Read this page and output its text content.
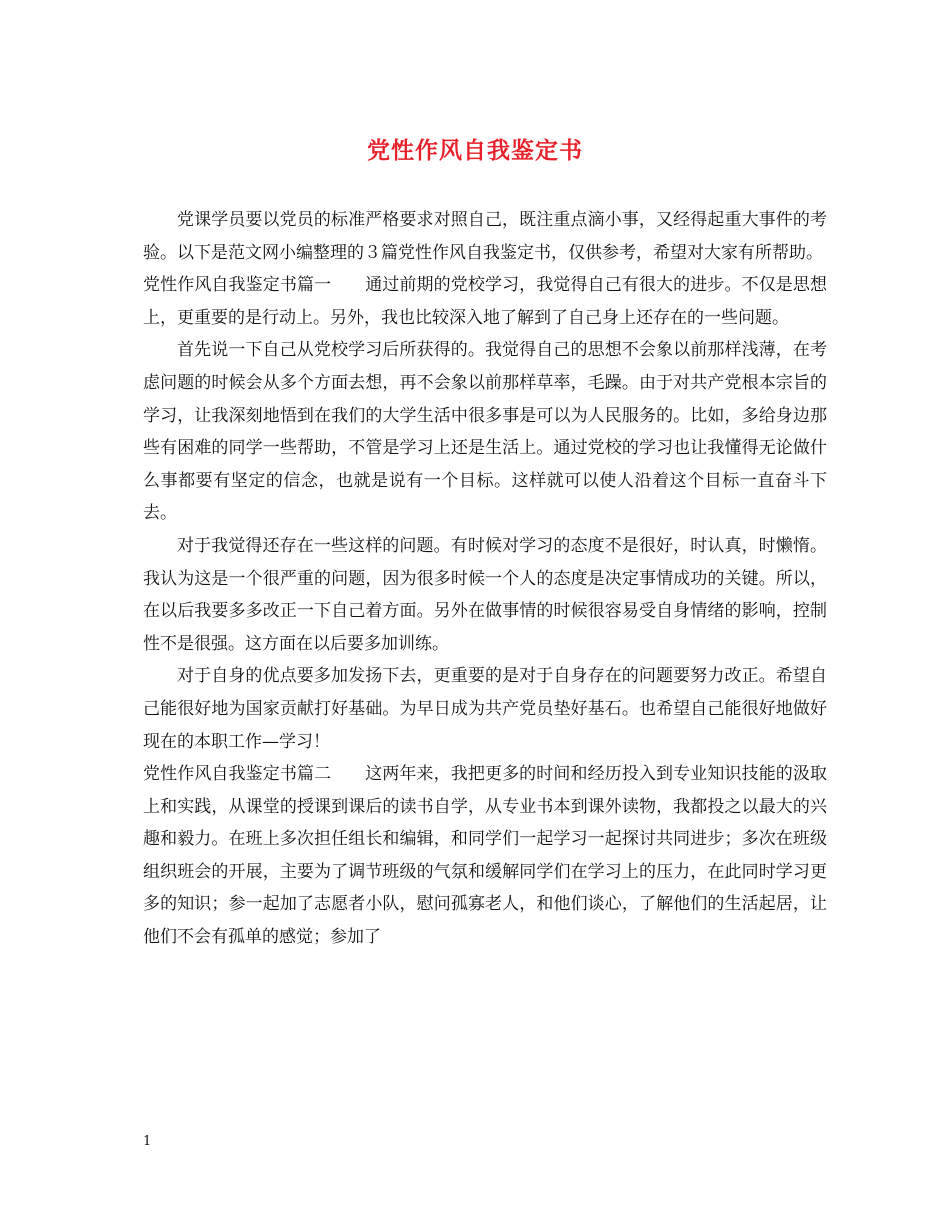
党性作风自我鉴定书

党课学员要以党员的标准严格要求对照自己，既注重点滴小事，又经得起重大事件的考验。以下是范文网小编整理的３篇党性作风自我鉴定书，仅供参考，希望对大家有所帮助。

党性作风自我鉴定书篇一 通过前期的党校学习，我觉得自己有很大的进步。不仅是思想上，更重要的是行动上。另外，我也比较深入地了解到了自己身上还存在的一些问题。

首先说一下自己从党校学习后所获得的。我觉得自己的思想不会象以前那样浅薄，在考虑问题的时候会从多个方面去想，再不会象以前那样草率，毛躁。由于对共产党根本宗旨的学习，让我深刻地悟到在我们的大学生活中很多事是可以为人民服务的。比如，多给身边那些有困难的同学一些帮助，不管是学习上还是生活上。通过党校的学习也让我懂得无论做什么事都要有坚定的信念，也就是说有一个目标。这样就可以使人沿着这个目标一直奋斗下去。

对于我觉得还存在一些这样的问题。有时候对学习的态度不是很好，时认真，时懒惰。我认为这是一个很严重的问题，因为很多时候一个人的态度是决定事情成功的关键。所以，在以后我要多多改正一下自己着方面。另外在做事情的时候很容易受自身情绪的影响，控制性不是很强。这方面在以后要多加训练。

对于自身的优点要多加发扬下去，更重要的是对于自身存在的问题要努力改正。希望自己能很好地为国家贡献打好基础。为早日成为共产党员垫好基石。也希望自己能很好地做好现在的本职工作—学习！

党性作风自我鉴定书篇二 这两年来，我把更多的时间和经历投入到专业知识技能的汲取上和实践，从课堂的授课到课后的读书自学，从专业书本到课外读物，我都投之以最大的兴趣和毅力。在班上多次担任组长和编辑，和同学们一起学习一起探讨共同进步；多次在班级组织班会的开展，主要为了调节班级的气氛和缓解同学们在学习上的压力，在此同时学习更多的知识；参一起加了志愿者小队，慰问孤寡老人，和他们谈心，了解他们的生活起居，让他们不会有孤单的感觉；参加了

1
